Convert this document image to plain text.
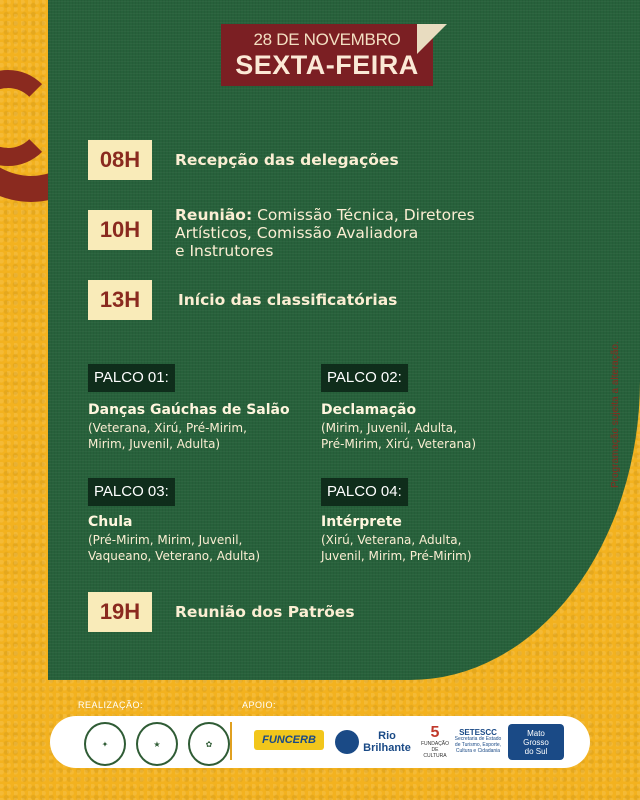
28 DE NOVEMBRO
SEXTA-FEIRA
08H	Recepção das delegações
10H
Reunião: Comissão Técnica, Diretores
Artísticos, Comissão Avaliadora
e Instrutores
13H	Início das classificatórias
PALCO 01:
Danças Gaúchas de Salão
(Veterana, Xirú, Pré-Mirim,
Mirim, Juvenil, Adulta)
PALCO 02:
Declamação
(Mirim, Juvenil, Adulta,
Pré-Mirim, Xirú, Veterana)
PALCO 03:
Chula
(Pré-Mirim, Mirim, Juvenil,
Vaqueano, Veterano, Adulta)
PALCO 04:
Intérprete
(Xirú, Veterana, Adulta,
Juvenil, Mirim, Pré-Mirim)
19H	Reunião dos Patrões
Programação sujeita a alteração.
REALIZAÇÃO:	APOIO:
✦	★	✿	FUNCERB	Rio
Brilhante
5
FUNDAÇÃO DE CULTURA
SETESCC
Secretaria de Estado de Turismo, Esporte, Cultura e Cidadania
Mato
Grosso
do Sul
